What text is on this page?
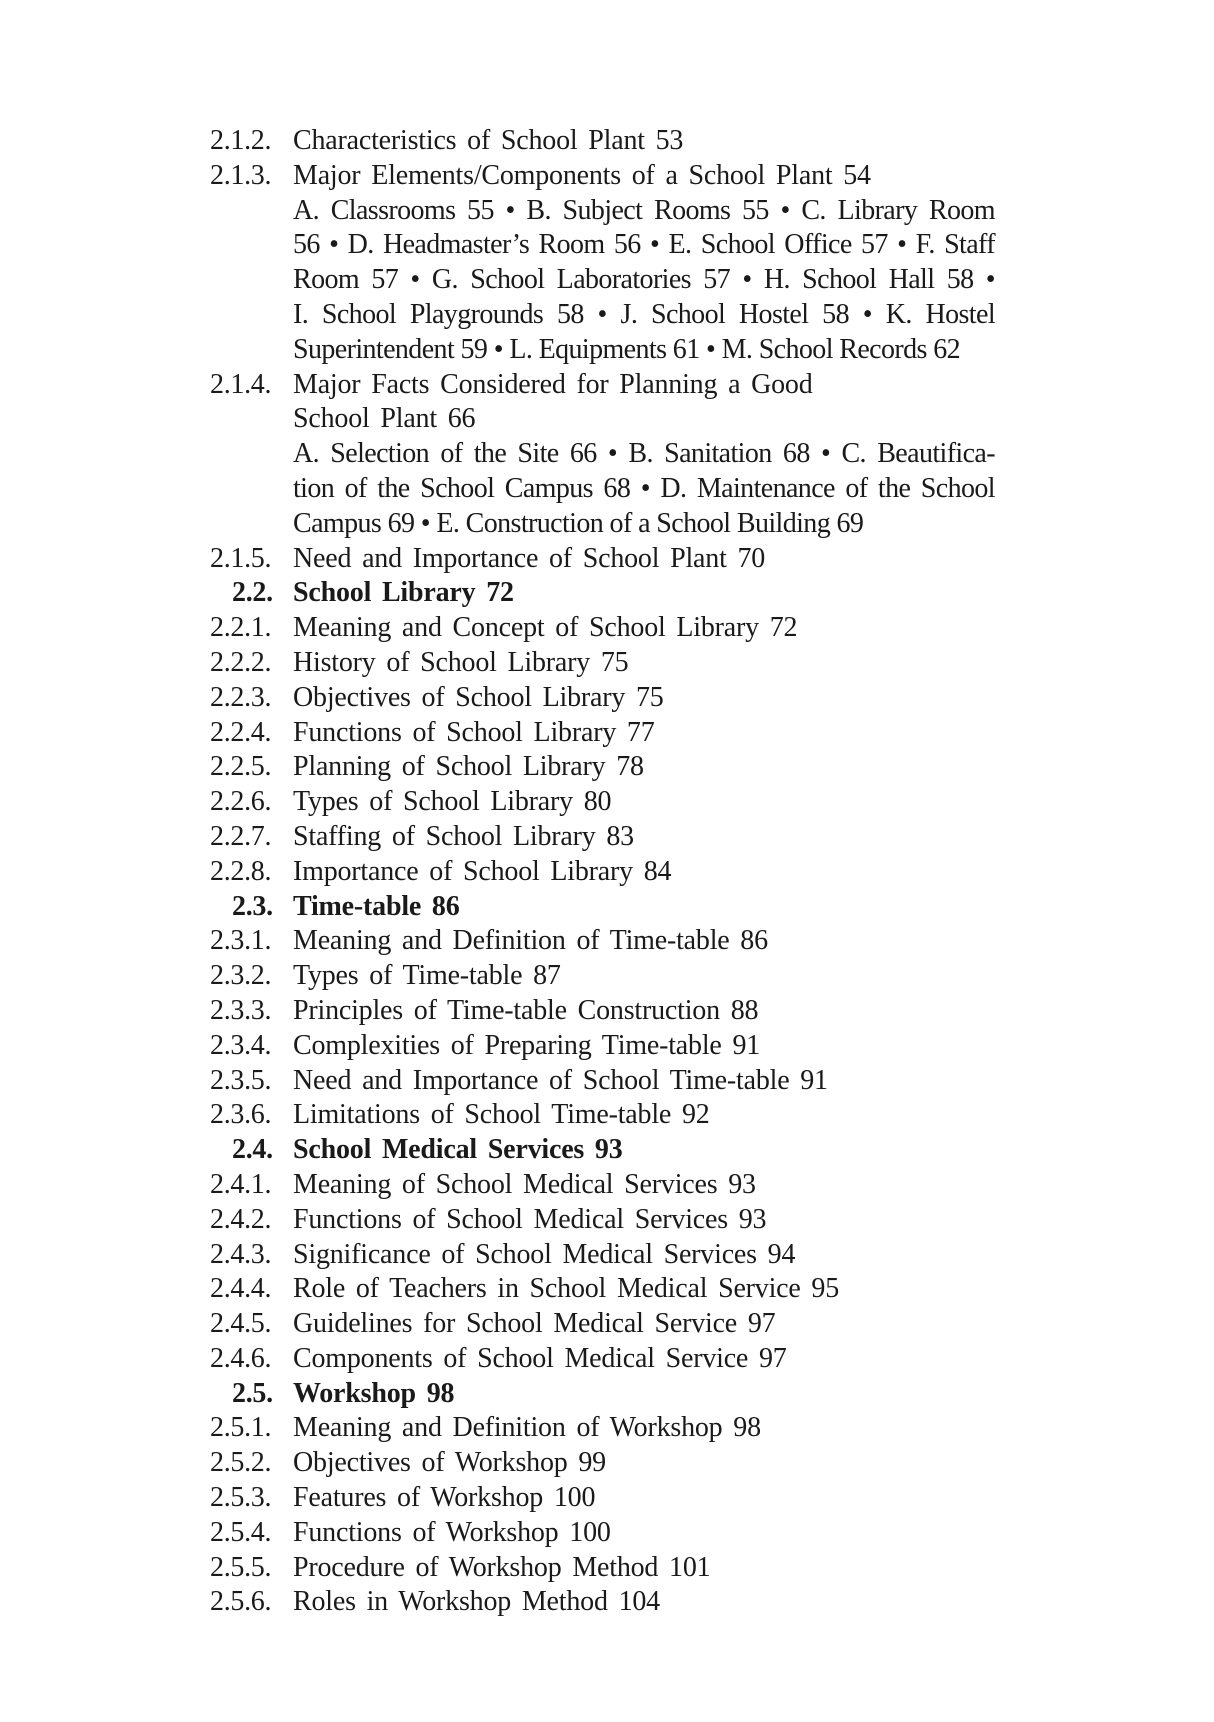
2.1.2. Characteristics of School Plant 53
2.1.3. Major Elements/Components of a School Plant 54
A. Classrooms 55 • B. Subject Rooms 55 • C. Library Room
56 • D. Headmaster’s Room 56 • E. School Office 57 • F. Staff
Room 57 • G. School Laboratories 57 • H. School Hall 58 •
I. School Playgrounds 58 • J. School Hostel 58 • K. Hostel
Superintendent 59 • L. Equipments 61 • M. School Records 62
2.1.4. Major Facts Considered for Planning a Good
School Plant 66
A. Selection of the Site 66 • B. Sanitation 68 • C. Beautifica-
tion of the School Campus 68 • D. Maintenance of the School
Campus 69 • E. Construction of a School Building 69
2.1.5. Need and Importance of School Plant 70
2.2. School Library 72
2.2.1. Meaning and Concept of School Library 72
2.2.2. History of School Library 75
2.2.3. Objectives of School Library 75
2.2.4. Functions of School Library 77
2.2.5. Planning of School Library 78
2.2.6. Types of School Library 80
2.2.7. Staffing of School Library 83
2.2.8. Importance of School Library 84
2.3. Time-table 86
2.3.1. Meaning and Definition of Time-table 86
2.3.2. Types of Time-table 87
2.3.3. Principles of Time-table Construction 88
2.3.4. Complexities of Preparing Time-table 91
2.3.5. Need and Importance of School Time-table 91
2.3.6. Limitations of School Time-table 92
2.4. School Medical Services 93
2.4.1. Meaning of School Medical Services 93
2.4.2. Functions of School Medical Services 93
2.4.3. Significance of School Medical Services 94
2.4.4. Role of Teachers in School Medical Service 95
2.4.5. Guidelines for School Medical Service 97
2.4.6. Components of School Medical Service 97
2.5. Workshop 98
2.5.1. Meaning and Definition of Workshop 98
2.5.2. Objectives of Workshop 99
2.5.3. Features of Workshop 100
2.5.4. Functions of Workshop 100
2.5.5. Procedure of Workshop Method 101
2.5.6. Roles in Workshop Method 104
